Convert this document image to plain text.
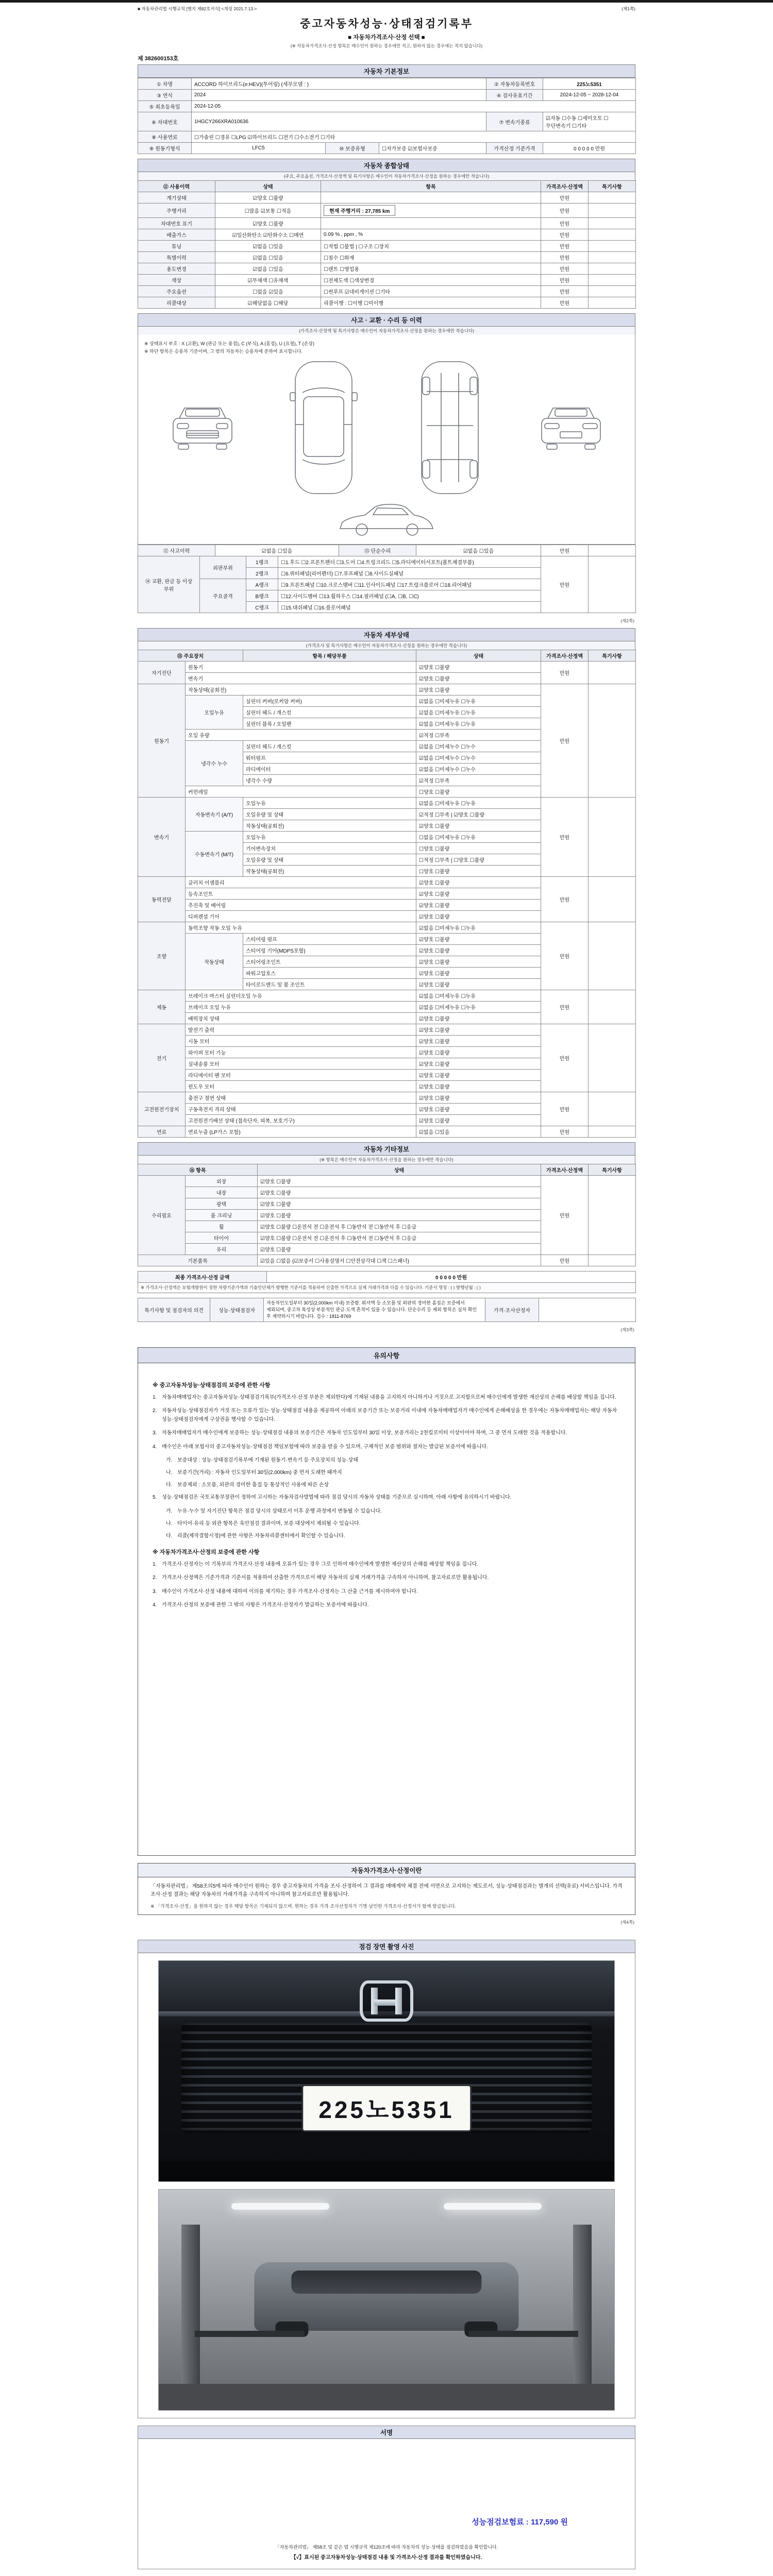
■ 자동차관리법 시행규칙 [별지 제82호서식] <개정 2021.7.13.>	(제1쪽)
중고자동차성능·상태점검기록부
■ 자동차가격조사·산정 선택 ■
(※ 자동차가격조사·산정 항목은 매수인이 원하는 경우에만 적고, 원하지 않는 경우에는 적지 않습니다)
제 382600153호
자동차 기본정보
① 차명	ACCORD 하이브리드(e:HEV)(투어링) (세부모델 : )			② 자동차등록번호	225노5351
③ 연식	2024			④ 검사유효기간	2024-12-05 ~ 2028-12-04
⑤ 최초등록일	2024-12-05				
⑥ 차대번호	1HGCY266XRA010636			⑦ 변속기종류	☑자동 ☐수동 ☐세미오토 ☐무단변속기 ☐기타
⑧ 사용연료	☐가솔린 ☐경유 ☐LPG ☑하이브리드 ☐전기 ☐수소전기 ☐기타				
⑨ 원동기형식	LFC5	⑩ 보증유형	☐자가보증 ☑보험사보증	가격산정 기준가격	0 0 0 0 0 만원
자동차 종합상태
(주요, 주요옵션, 가격조사·산정액 및 특기사항은 매수인이 자동차가격조사·산정을 원하는 경우에만 적습니다)
⑪ 사용이력	상태	항목	가격조사·산정액	특기사항
계기상태	☑양호 ☐불량		만원	
주행거리	☐많음 ☑보통 ☐적음	현재 주행거리 : 27,785 km	만원	
차대번호 표기	☑양호 ☐불량		만원	
배출가스	☑일산화탄소 ☑탄화수소 ☐매연	0.09 % , ppm , %	만원	
튜닝	☑없음 ☐있음	☐적법 ☐불법 | ☐구조 ☐장치	만원	
특별이력	☑없음 ☐있음	☐침수 ☐화재	만원	
용도변경	☑없음 ☐있음	☐렌트 ☐영업용	만원	
색상	☑무채색 ☐유채색	☐전체도색 ☐색상변경	만원	
주요옵션	☐없음 ☑있음	☐썬루프 ☑네비게이션 ☐기타	만원	
리콜대상	☑해당없음 ☐해당	리콜이행 : ☐이행 ☐미이행	만원	
사고 · 교환 · 수리 등 이력
(가격조사·산정액 및 특기사항은 매수인이 자동차가격조사·산정을 원하는 경우에만 적습니다)
※ 상태표시 부호 : X (교환), W (판금 또는 용접), C (부식), A (흠집), U (요철), T (손상)
※ 하단 항목은 승용차 기준이며, 그 밖의 자동차는 승용차에 준하여 표시합니다.
⑫ 사고이력	☑없음 ☐있음	⑬ 단순수리	☑없음 ☐있음	만원	
⑭ 교환, 판금 등 이상 부위	외판부위	1랭크	☐1.후드 ☐2.프론트펜더 ☐3.도어 ☐4.트렁크리드 ☐5.라디에이터서포트(볼트체결부품)	만원	
		2랭크	☐6.쿼터패널(리어펜더) ☐7.루프패널 ☐8.사이드실패널		
	주요골격	A랭크	☐9.프론트패널 ☐10.크로스멤버 ☐11.인사이드패널 ☐17.트렁크플로어 ☐18.리어패널		
		B랭크	☐12.사이드멤버 ☐13.휠하우스 ☐14.필러패널 (☐A, ☐B, ☐C)		
		C랭크	☐15.대쉬패널 ☐16.플로어패널		
(제2쪽)
자동차 세부상태
(가격조사 및 특기사항은 매수인이 자동차가격조사·산정을 원하는 경우에만 적습니다)
⑮ 주요장치		항목 / 해당부품	상태	가격조사·산정액	특기사항
자기진단	원동기		☑양호 ☐불량	만원	
	변속기		☑양호 ☐불량		
원동기	작동상태(공회전)		☑양호 ☐불량	만원	
	오일누유	실린더 커버(로커암 커버)	☑없음 ☐미세누유 ☐누유		
		실린더 헤드 / 개스킷	☑없음 ☐미세누유 ☐누유		
		실린더 블록 / 오일팬	☑없음 ☐미세누유 ☐누유		
	오일 유량		☑적정 ☐부족		
	냉각수 누수	실린더 헤드 / 개스킷	☑없음 ☐미세누수 ☐누수		
		워터펌프	☑없음 ☐미세누수 ☐누수		
		라디에이터	☑없음 ☐미세누수 ☐누수		
		냉각수 수량	☑적정 ☐부족		
	커먼레일		☐양호 ☐불량		
변속기	자동변속기 (A/T)	오일누유	☑없음 ☐미세누유 ☐누유	만원	
		오일유량 및 상태	☑적정 ☐부족 | ☑양호 ☐불량		
		작동상태(공회전)	☑양호 ☐불량		
	수동변속기 (M/T)	오일누유	☐없음 ☐미세누유 ☐누유		
		기어변속장치	☐양호 ☐불량		
		오일유량 및 상태	☐적정 ☐부족 | ☐양호 ☐불량		
		작동상태(공회전)	☐양호 ☐불량		
동력전달	클러치 어셈블리		☑양호 ☐불량	만원	
	등속조인트		☑양호 ☐불량		
	추진축 및 베어링		☑양호 ☐불량		
	디퍼렌셜 기어		☑양호 ☐불량		
조향	동력조향 작동 오일 누유		☑없음 ☐미세누유 ☐누유	만원	
	작동상태	스티어링 펌프	☑양호 ☐불량		
		스티어링 기어(MDPS포함)	☑양호 ☐불량		
		스티어링조인트	☑양호 ☐불량		
		파워고압호스	☑양호 ☐불량		
		타이로드엔드 및 볼 조인트	☑양호 ☐불량		
제동	브레이크 마스터 실린더오일 누유		☑없음 ☐미세누유 ☐누유	만원	
	브레이크 오일 누유		☑없음 ☐미세누유 ☐누유		
	배력장치 상태		☑양호 ☐불량		
전기	발전기 출력		☑양호 ☐불량	만원	
	시동 모터		☑양호 ☐불량		
	와이퍼 모터 기능		☑양호 ☐불량		
	실내송풍 모터		☑양호 ☐불량		
	라디에이터 팬 모터		☑양호 ☐불량		
	윈도우 모터		☑양호 ☐불량		
고전원전기장치	충전구 절연 상태		☑양호 ☐불량	만원	
	구동축전지 격리 상태		☑양호 ☐불량		
	고전원전기배선 상태 (접속단자, 피복, 보호기구)		☑양호 ☐불량		
연료	연료누출 (LP가스 포함)		☑없음 ☐있음	만원	
자동차 기타정보
(※ 항목은 매수인이 자동차가격조사·산정을 원하는 경우에만 적습니다)
⑯ 항목		상태	가격조사·산정액	특기사항
수리필요	외장	☑양호 ☐불량	만원	
	내장	☑양호 ☐불량		
	광택	☑양호 ☐불량		
	룸 크리닝	☑양호 ☐불량		
	휠	☑양호 ☐불량 ☐운전석 전 ☐운전석 후 ☐동반석 전 ☐동반석 후 ☐응급		
	타이어	☑양호 ☐불량 ☐운전석 전 ☐운전석 후 ☐동반석 전 ☐동반석 후 ☐응급		
	유리	☑양호 ☐불량		
기본품목		☑있음 ☐없음 (☑보증서 ☐사용설명서 ☐안전삼각대 ☐잭 ☐스패너)	만원	
최종 가격조사·산정 금액	0 0 0 0 0 만원
※ 가격조사·산정액은 보험개발원이 정한 차량기준가액과 기술인단체가 발행한 기준서를 적용하여 산출한 가격으로 실제 거래가격과 다를 수 있습니다. 기준서 명칭 : ( ) 발행년월 : ( )
특기사항 및 점검자의 의견	성능·상태점검자	자동차인도일부터 30일(2,000km 이내) 보증함. 워셔액 등 소모품 및 외판의 경미한 흠집은 보증에서 제외되며, 중고차 특성상 부분적인 판금·도색 흔적이 있을 수 있습니다. 단순수리 등 제외 항목은 실차 확인 후 계약하시기 바랍니다. 검수 : 1811-8769	가격·조사산정자	
(제3쪽)
유의사항
※ 중고자동차성능·상태점검의 보증에 관한 사항
1. 자동차매매업자는 중고자동차성능·상태점검기록부(가격조사·산정 부분은 제외한다)에 기재된 내용을 고지하지 아니하거나 거짓으로 고지함으로써 매수인에게 발생한 재산상의 손해를 배상할 책임을 집니다.
2. 자동차성능·상태점검자가 거짓 또는 오류가 있는 성능·상태점검 내용을 제공하여 아래의 보증기간 또는 보증거리 이내에 자동차매매업자가 매수인에게 손해배상을 한 경우에는 자동차매매업자는 해당 자동차성능·상태점검자에게 구상권을 행사할 수 있습니다.
3. 자동차매매업자가 매수인에게 보증하는 성능·상태점검 내용의 보증기간은 자동차 인도일부터 30일 이상, 보증거리는 2천킬로미터 이상이어야 하며, 그 중 먼저 도래한 것을 적용합니다.
4. 매수인은 아래 보험사의 중고자동차성능·상태점검 책임보험에 따라 보증을 받을 수 있으며, 구체적인 보증 범위와 절차는 발급된 보증서에 따릅니다.
가. 보증대상 : 성능·상태점검기록부에 기재된 원동기·변속기 등 주요장치의 성능·상태
나. 보증기간(거리) : 자동차 인도일부터 30일(2,000km) 중 먼저 도래한 때까지
다. 보증제외 : 소모품, 외관의 경미한 흠집 등 통상적인 사용에 따른 손상
5. 성능·상태점검은 국토교통부장관이 정하여 고시하는 자동차검사방법에 따라 점검 당시의 자동차 상태를 기준으로 실시하며, 아래 사항에 유의하시기 바랍니다.
가. 누유·누수 및 자기진단 항목은 점검 당시의 상태로서 이후 운행 과정에서 변동될 수 있습니다.
나. 타이어·유리 등 외관 항목은 육안점검 결과이며, 보증 대상에서 제외될 수 있습니다.
다. 리콜(제작결함시정)에 관한 사항은 자동차리콜센터에서 확인할 수 있습니다.
※ 자동차가격조사·산정의 보증에 관한 사항
1. 가격조사·산정자는 이 기록부의 가격조사·산정 내용에 오류가 있는 경우 그로 인하여 매수인에게 발생한 재산상의 손해를 배상할 책임을 집니다.
2. 가격조사·산정액은 기준가격과 기준서를 적용하여 산출한 가격으로서 해당 자동차의 실제 거래가격을 구속하지 아니하며, 참고자료로만 활용됩니다.
3. 매수인이 가격조사·산정 내용에 대하여 이의를 제기하는 경우 가격조사·산정자는 그 산출 근거를 제시하여야 합니다.
4. 가격조사·산정의 보증에 관한 그 밖의 사항은 가격조사·산정자가 발급하는 보증서에 따릅니다.
자동차가격조사·산정이란
「자동차관리법」 제58조의5에 따라 매수인이 원하는 경우 중고자동차의 가격을 조사·산정하여 그 결과를 매매계약 체결 전에 서면으로 고지하는 제도로서, 성능·상태점검과는 별개의 선택(유료) 서비스입니다. 가격조사·산정 결과는 해당 자동차의 거래가격을 구속하지 아니하며 참고자료로만 활용됩니다.
※ 「가격조사·산정」을 원하지 않는 경우 해당 항목은 기재되지 않으며, 원하는 경우 가격·조사산정자가 기명·날인한 가격조사·산정서가 함께 발급됩니다.
(제4쪽)
점검 장면 촬영 사진
225노5351
서명
성능점검보험료 : 117,590 원
「자동차관리법」 제58조 및 같은 법 시행규칙 제120조에 따라 자동차의 성능·상태를 점검하였음을 확인합니다.
【√】표시된 중고자동차성능·상태점검 내용 및 가격조사·산정 결과를 확인하였습니다.
